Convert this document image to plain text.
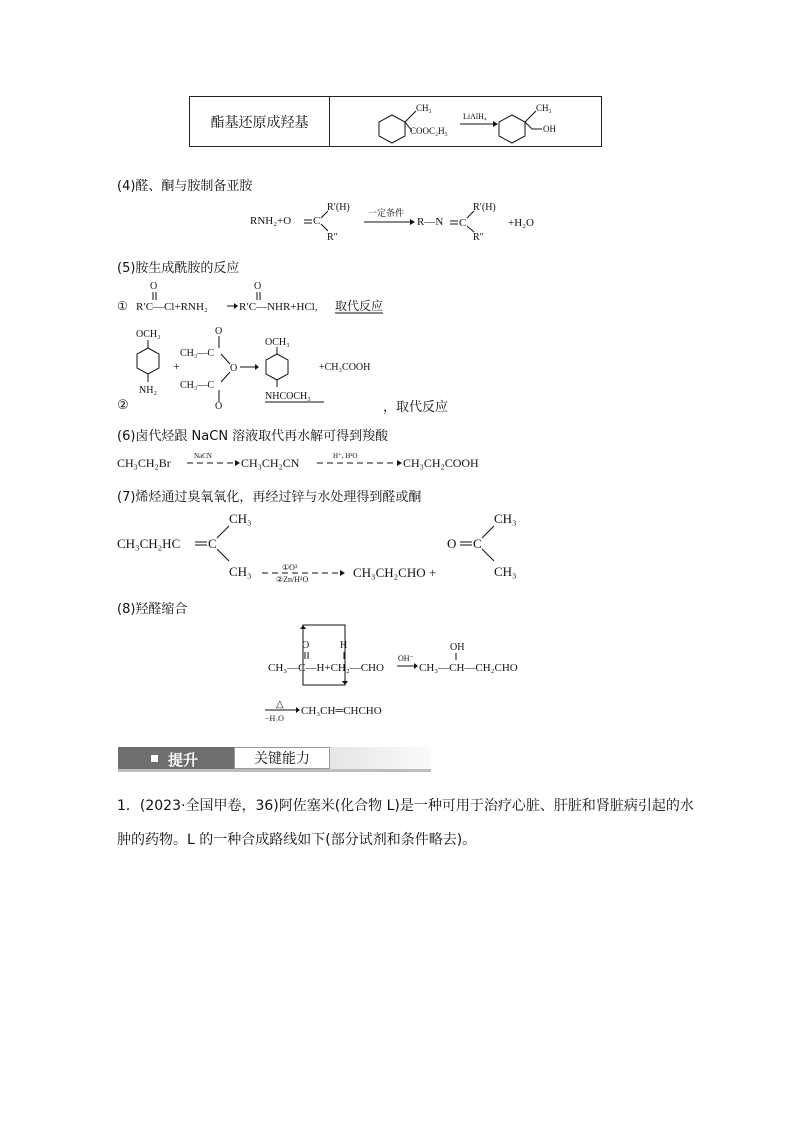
酯基还原成羟基
CH₃
COOC₂H₅
LiAlH₄
CH₃
OH
(4)醛、酮与胺制备亚胺
RNH₂+O C
R′(H)
R″
一定条件
R—N C
R′(H)
R″
+H₂O
(5)胺生成酰胺的反应
①
O
R′C—Cl+RNH₂
O
R′C—NHR+HCl, 取代反应
OCH₃
NH₂
②
+
O
CH₃—C
O
CH₃—C
O
OCH₃
NHCOCH₃
+CH₃COOH
，取代反应
(6)卤代烃跟 NaCN 溶液取代再水解可得到羧酸
CH₃CH₂Br	NaCN CH₃CH₂CN	H⁺, H²O	CH₃CH₂COOH
(7)烯烃通过臭氧氧化，再经过锌与水处理得到醛或酮
CH₃CH₂HC C
CH₃
CH₃	①O³
②Zn/H²O	CH₃CH₂CHO +
O C
CH₃
CH₃
(8)羟醛缩合
O	H
CH₃—C—H+CH₂—CHO
OH⁻
OH
CH₃—CH—CH₂CHO
△
−H₂O
CH₃CH═CHCHO
提升	关键能力
1．(2023·全国甲卷，36)阿佐塞米(化合物 L)是一种可用于治疗心脏、肝脏和肾脏病引起的水
肿的药物。L 的一种合成路线如下(部分试剂和条件略去)。
